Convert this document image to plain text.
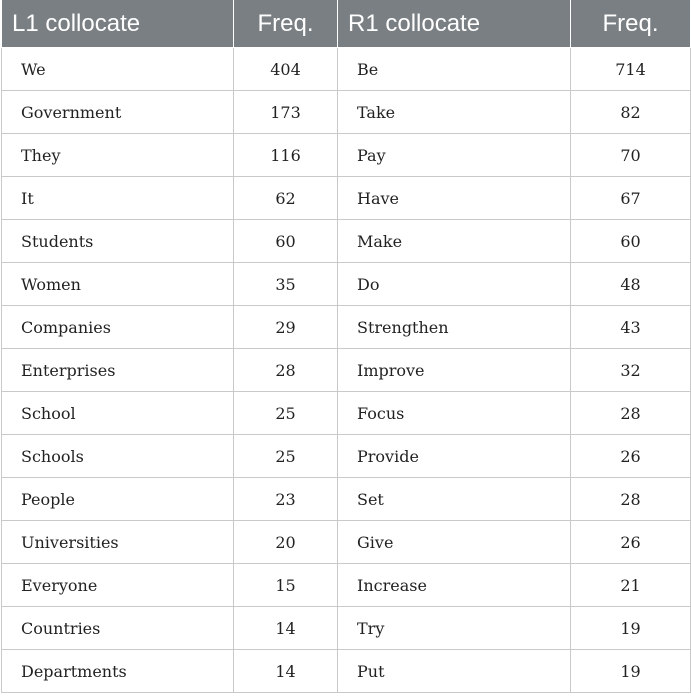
L1 collocate	Freq.	R1 collocate	Freq.
We	404	Be	714
Government	173	Take	82
They	116	Pay	70
It	62	Have	67
Students	60	Make	60
Women	35	Do	48
Companies	29	Strengthen	43
Enterprises	28	Improve	32
School	25	Focus	28
Schools	25	Provide	26
People	23	Set	28
Universities	20	Give	26
Everyone	15	Increase	21
Countries	14	Try	19
Departments	14	Put	19
